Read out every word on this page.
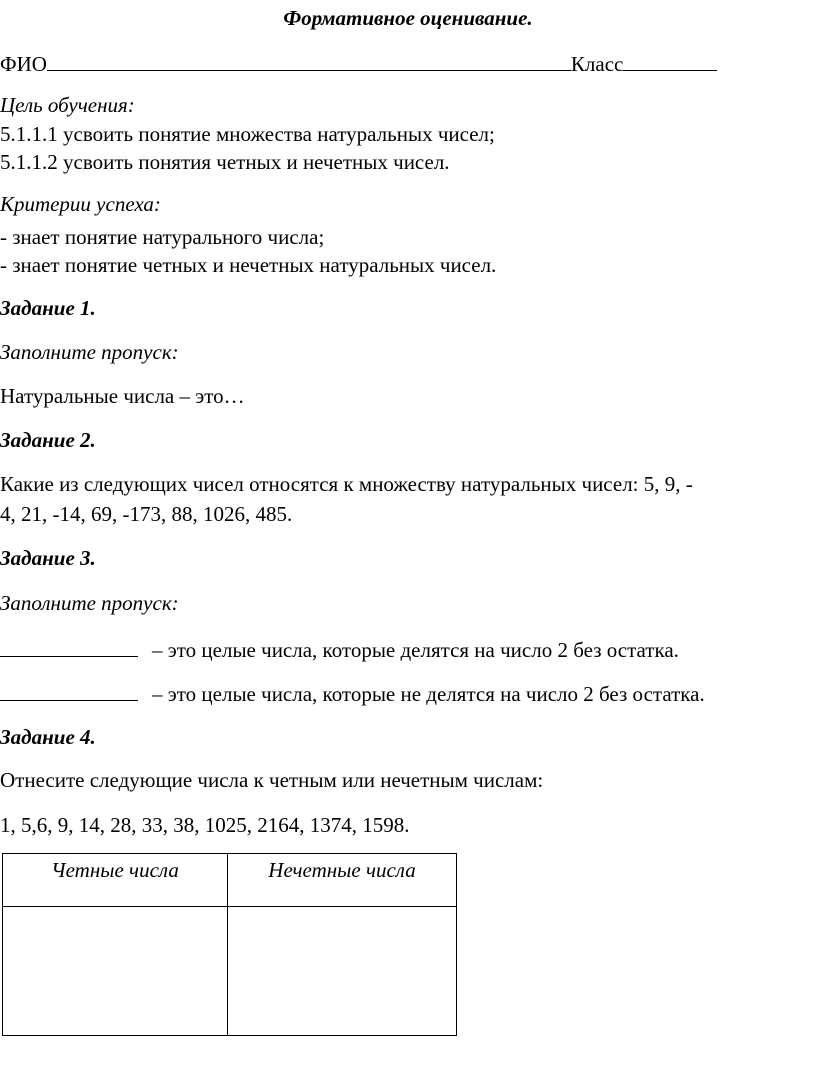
Формативное оценивание.
ФИО	Класс
Цель обучения:
5.1.1.1 усвоить понятие множества натуральных чисел;
5.1.1.2 усвоить понятия четных и нечетных чисел.
Критерии успеха:
- знает понятие натурального числа;
- знает понятие четных и нечетных натуральных чисел.
Задание 1.
Заполните пропуск:
Натуральные числа – это…
Задание 2.
Какие из следующих чисел относятся к множеству натуральных чисел: 5, 9, -
4, 21, -14, 69, -173, 88, 1026, 485.
Задание 3.
Заполните пропуск:
– это целые числа, которые делятся на число 2 без остатка.
– это целые числа, которые не делятся на число 2 без остатка.
Задание 4.
Отнесите следующие числа к четным или нечетным числам:
1, 5,6, 9, 14, 28, 33, 38, 1025, 2164, 1374, 1598.
Четные числа	Нечетные числа
